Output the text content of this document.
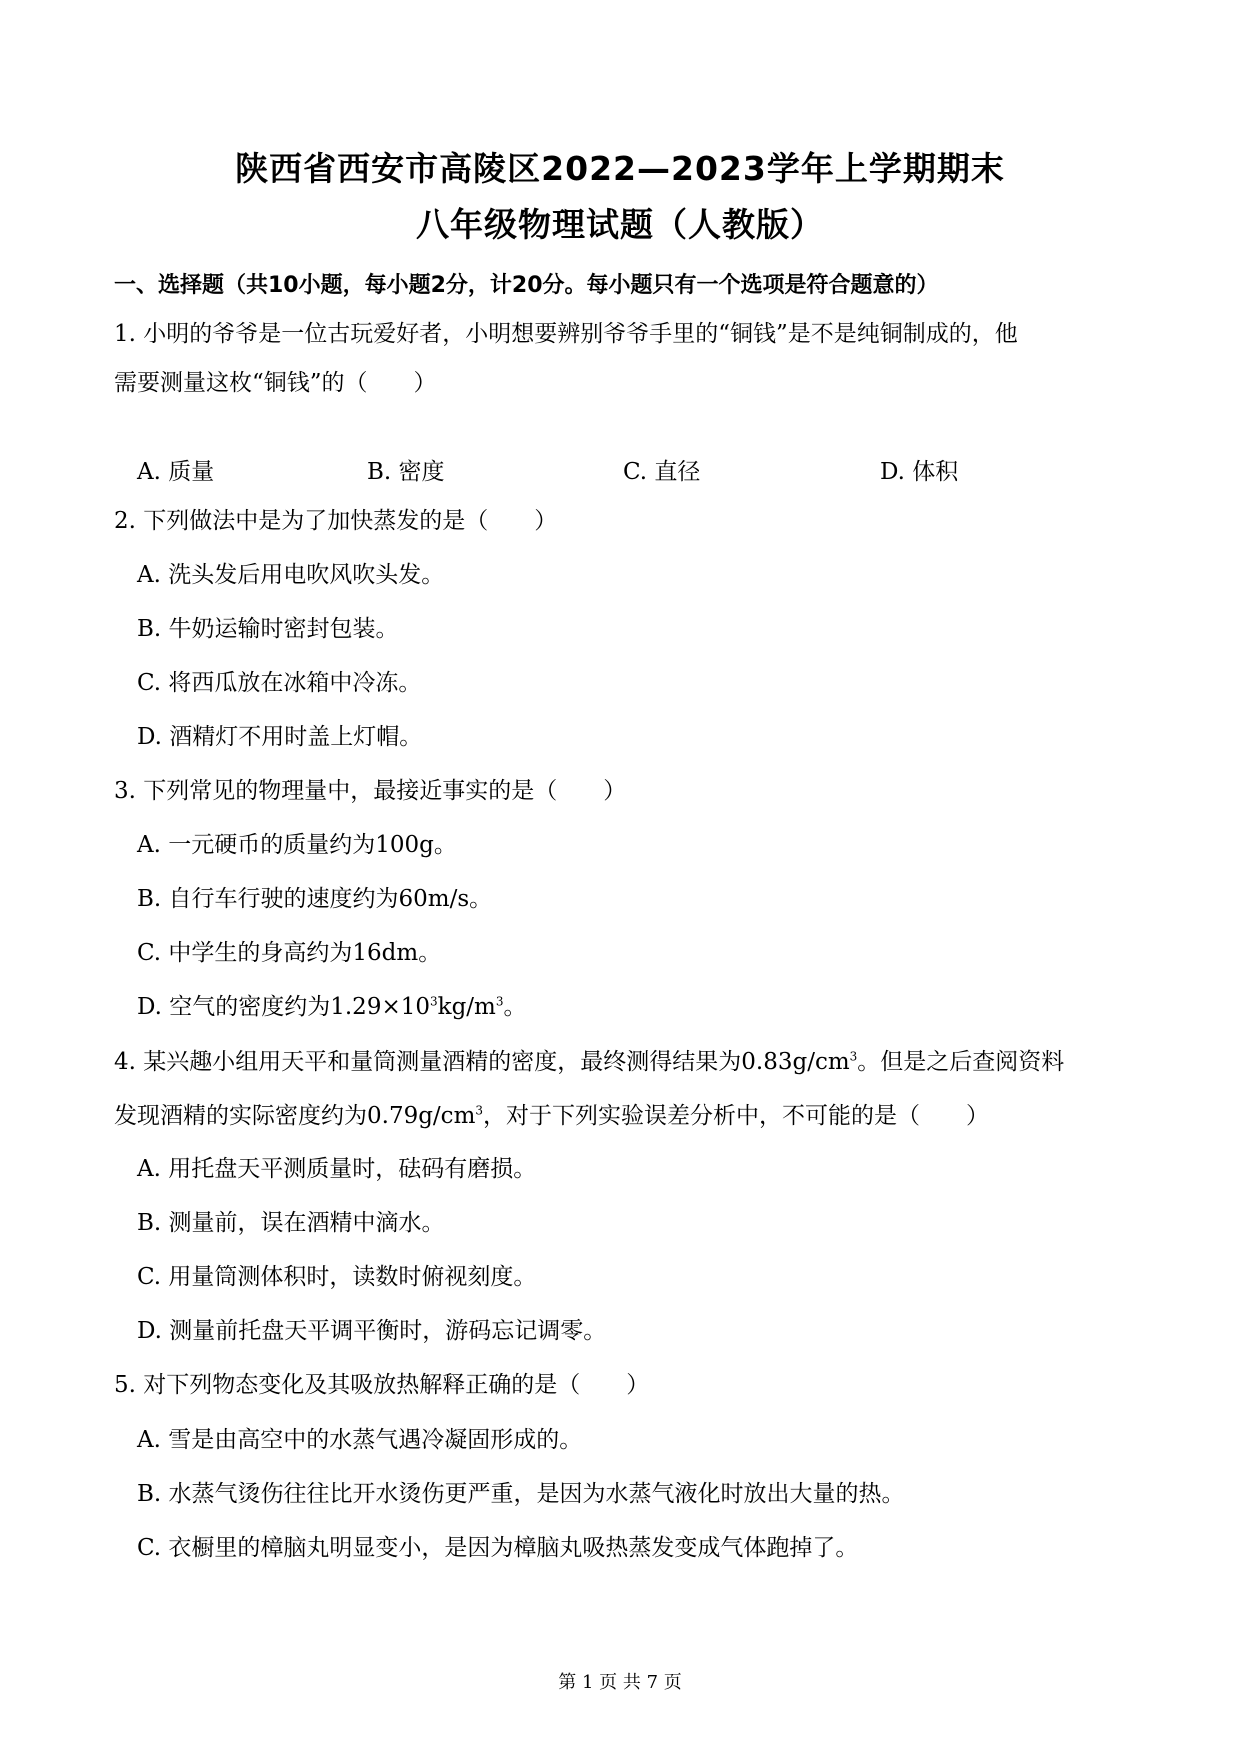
陕西省西安市高陵区2022—2023学年上学期期末
八年级物理试题（人教版）

一、选择题（共10小题，每小题2分，计20分。每小题只有一个选项是符合题意的）

1. 小明的爷爷是一位古玩爱好者，小明想要辨别爷爷手里的“铜钱”是不是纯铜制成的，他

需要测量这枚“铜钱”的（　　）

A. 质量	B. 密度	C. 直径	D. 体积

2. 下列做法中是为了加快蒸发的是（　　）

A. 洗头发后用电吹风吹头发。

B. 牛奶运输时密封包装。

C. 将西瓜放在冰箱中冷冻。

D. 酒精灯不用时盖上灯帽。

3. 下列常见的物理量中，最接近事实的是（　　）

A. 一元硬币的质量约为100g。

B. 自行车行驶的速度约为60m/s。

C. 中学生的身高约为16dm。

D. 空气的密度约为$1.29\times 10^3kg/m^3$。

4. 某兴趣小组用天平和量筒测量酒精的密度，最终测得结果为$0.83g/cm^3$。但是之后查阅资料

发现酒精的实际密度约为$0.79g/cm^3$，对于下列实验误差分析中，不可能的是（　　）

A. 用托盘天平测质量时，砝码有磨损。

B. 测量前，误在酒精中滴水。

C. 用量筒测体积时，读数时俯视刻度。

D. 测量前托盘天平调平衡时，游码忘记调零。

5. 对下列物态变化及其吸放热解释正确的是（　　）

A. 雪是由高空中的水蒸气遇冷凝固形成的。

B. 水蒸气烫伤往往比开水烫伤更严重，是因为水蒸气液化时放出大量的热。

C. 衣橱里的樟脑丸明显变小，是因为樟脑丸吸热蒸发变成气体跑掉了。

第 1 页 共 7 页
